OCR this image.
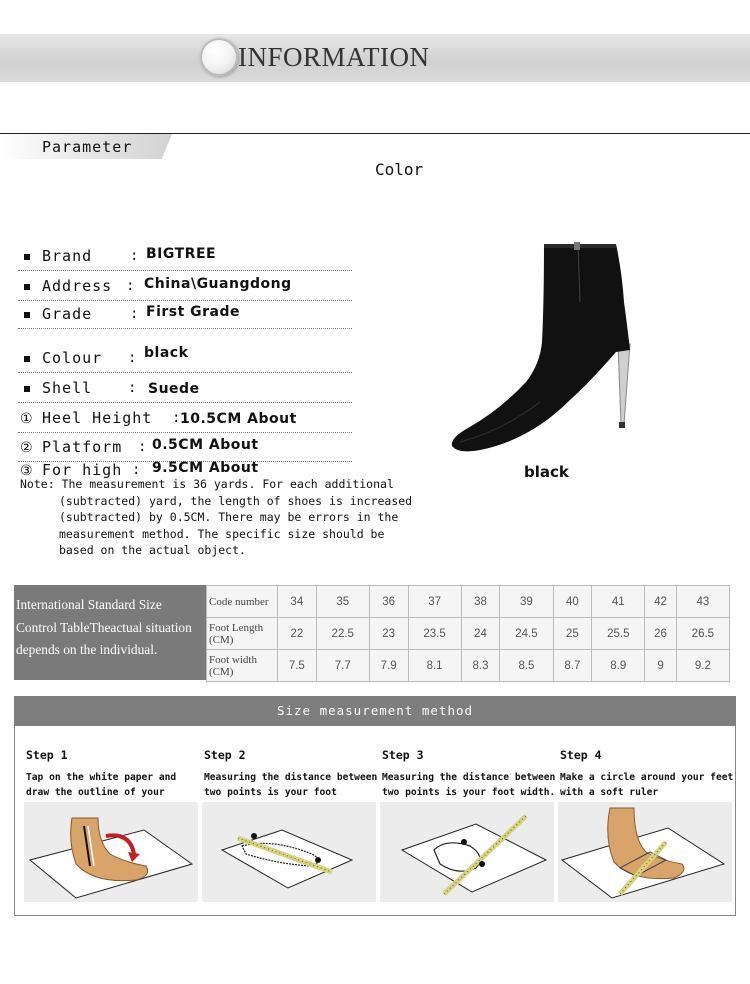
INFORMATION
Parameter
Color
Brand	: BIGTREE
Address : China\Guangdong
Grade	: First Grade
Colour : black
Shell	: Suede
① Heel Height : 10.5CM About
② Platform : 0.5CM About
③ For high : 9.5CM About
Note: The measurement is 36 yards. For each additional
(subtracted) yard, the length of shoes is increased
(subtracted) by 0.5CM. There may be errors in the
measurement method. The specific size should be
based on the actual object.
black
International Standard Size
Control TableTheactual situation
depends on the individual.
Code number	34	35	36	37	38	39	40	41	42	43
Foot Length (CM)	22	22.5	23	23.5	24	24.5	25	25.5	26	26.5
Foot width (CM)	7.5	7.7	7.9	8.1	8.3	8.5	8.7	8.9	9	9.2
Size measurement method
Step 1
Tap on the white paper and draw the outline of your
Step 2
Measuring the distance between two points is your foot
Step 3
Measuring the distance between two points is your foot width.
Step 4
Make a circle around your feet with a soft ruler
